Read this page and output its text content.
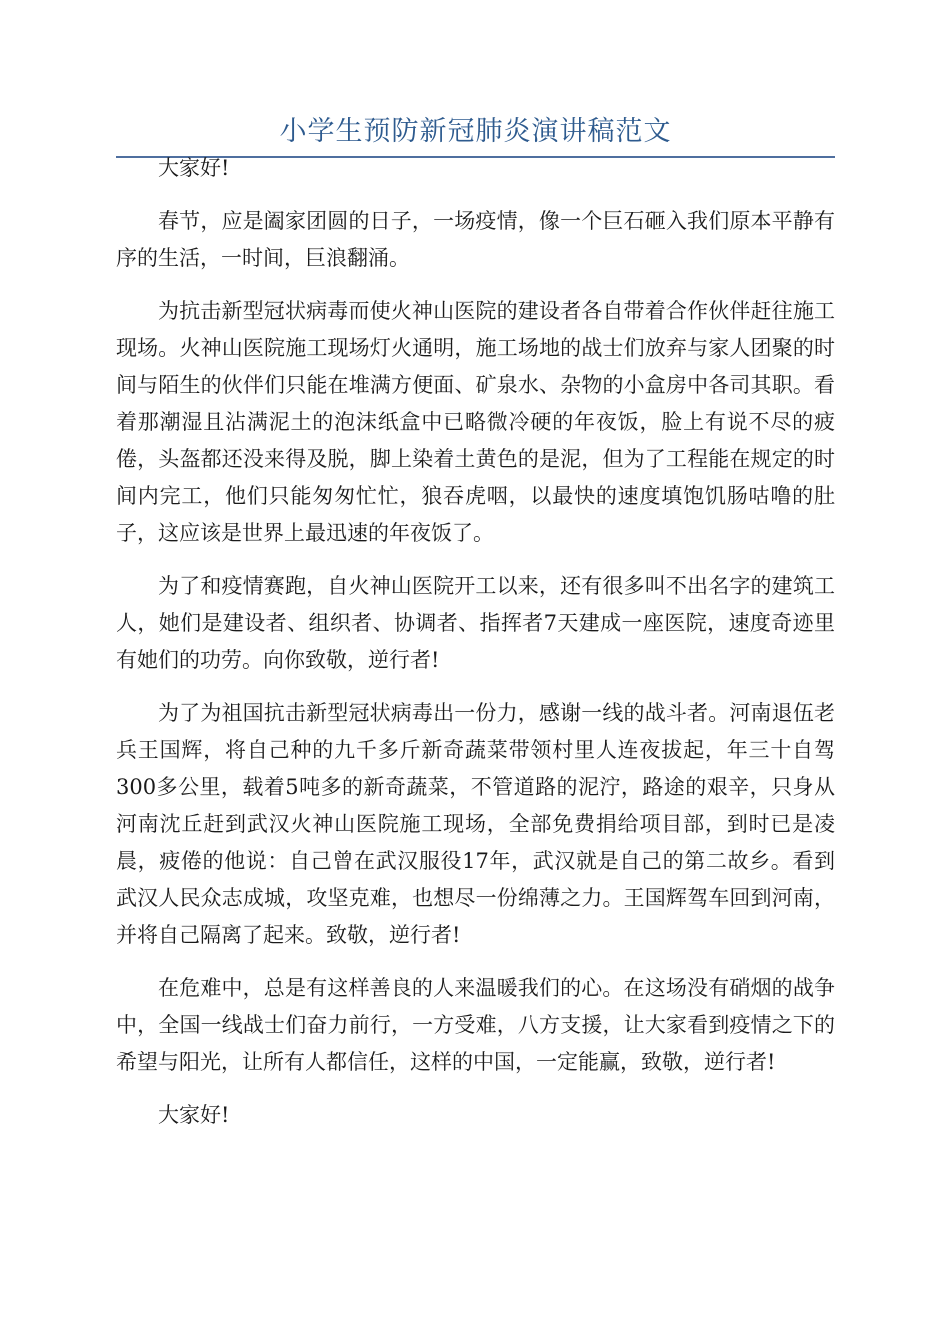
小学生预防新冠肺炎演讲稿范文

大家好!

春节，应是阖家团圆的日子，一场疫情，像一个巨石砸入我们原本平静有序的生活，一时间，巨浪翻涌。

为抗击新型冠状病毒而使火神山医院的建设者各自带着合作伙伴赶往施工现场。火神山医院施工现场灯火通明，施工场地的战士们放弃与家人团聚的时间与陌生的伙伴们只能在堆满方便面、矿泉水、杂物的小盒房中各司其职。看着那潮湿且沾满泥土的泡沫纸盒中已略微冷硬的年夜饭，脸上有说不尽的疲倦，头盔都还没来得及脱，脚上染着土黄色的是泥，但为了工程能在规定的时间内完工，他们只能匆匆忙忙，狼吞虎咽，以最快的速度填饱饥肠咕噜的肚子，这应该是世界上最迅速的年夜饭了。

为了和疫情赛跑，自火神山医院开工以来，还有很多叫不出名字的建筑工人，她们是建设者、组织者、协调者、指挥者7天建成一座医院，速度奇迹里有她们的功劳。向你致敬，逆行者!

为了为祖国抗击新型冠状病毒出一份力，感谢一线的战斗者。河南退伍老兵王国辉，将自己种的九千多斤新奇蔬菜带领村里人连夜拔起，年三十自驾300多公里，载着5吨多的新奇蔬菜，不管道路的泥泞，路途的艰辛，只身从河南沈丘赶到武汉火神山医院施工现场，全部免费捐给项目部，到时已是凌晨，疲倦的他说：自己曾在武汉服役17年，武汉就是自己的第二故乡。看到武汉人民众志成城，攻坚克难，也想尽一份绵薄之力。王国辉驾车回到河南，并将自己隔离了起来。致敬，逆行者!

在危难中，总是有这样善良的人来温暖我们的心。在这场没有硝烟的战争中，全国一线战士们奋力前行，一方受难，八方支援，让大家看到疫情之下的希望与阳光，让所有人都信任，这样的中国，一定能赢，致敬，逆行者!

大家好!
